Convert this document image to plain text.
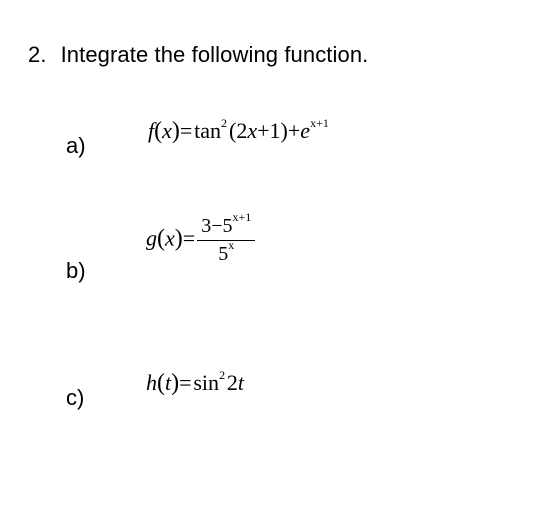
2. Integrate the following function.
a)
f(x)= $\tan^2$ $(2x+1)+e^{x+1}$
b)
$g(x)= \frac{3-5^{x+1}}{5^x}$
c)
h(t)= $\sin^2$ 2t
